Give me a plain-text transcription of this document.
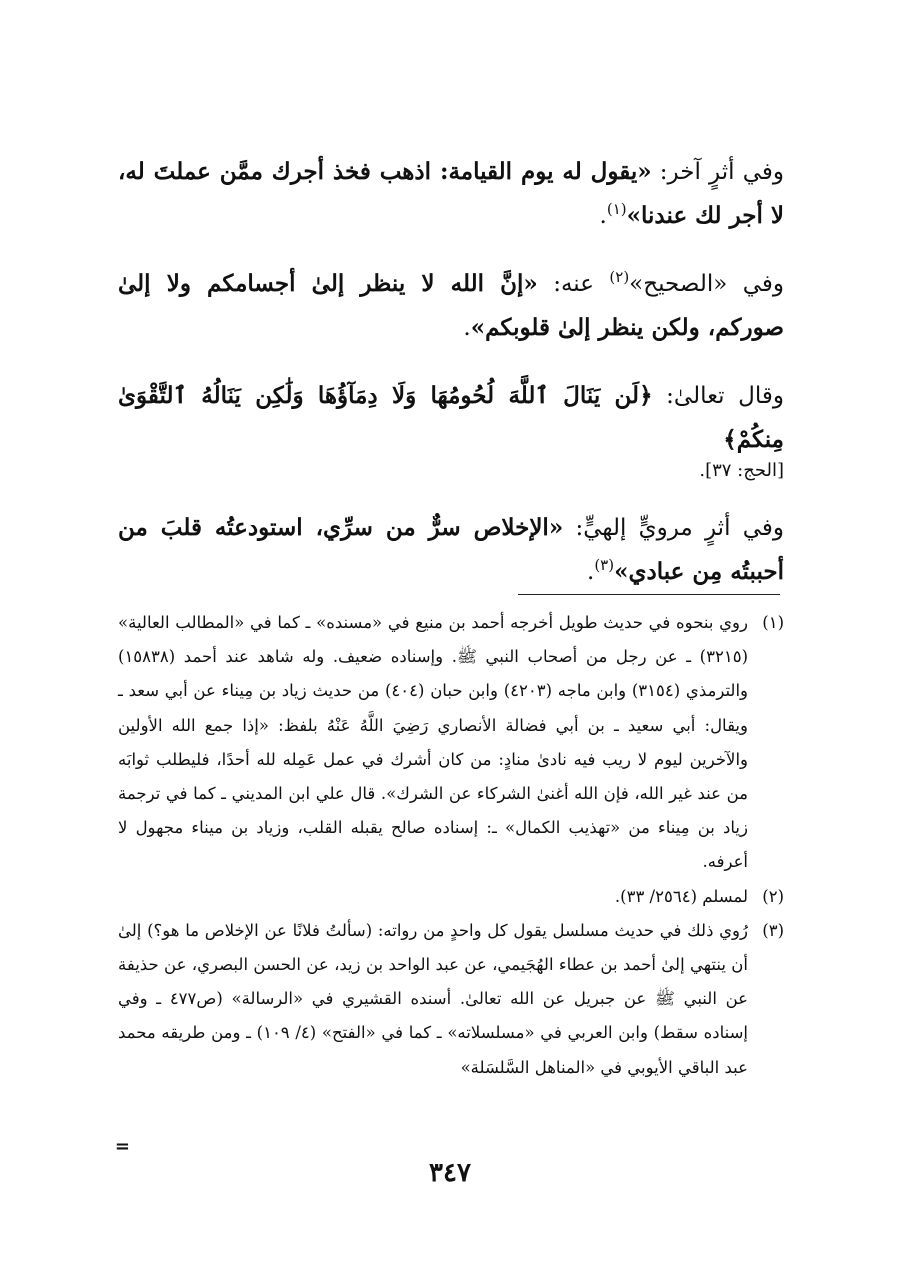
وفي أثرٍ آخر: «يقول له يوم القيامة: اذهب فخذ أجرك ممَّن عملتَ له، لا أجر لك عندنا»$^{(١)}$.

وفي «الصحيح»$^{(٢)}$ عنه: «إنَّ الله لا ينظر إلىٰ أجسامكم ولا إلىٰ صوركم، ولكن ينظر إلىٰ قلوبكم».

وقال تعالىٰ: ﴿لَن يَنَالَ ٱللَّهَ لُحُومُهَا وَلَا دِمَآؤُهَا وَلَٰكِن يَنَالُهُ ٱلتَّقْوَىٰ مِنكُمْ﴾

[الحج: ٣٧].

وفي أثرٍ مرويٍّ إلهيٍّ: «الإخلاص سرٌّ من سرِّي، استودعتُه قلبَ من أحببتُه مِن عبادي»$^{(٣)}$.

(١)
روي بنحوه في حديث طويل أخرجه أحمد بن منيع في «مسنده» ـ كما في «المطالب العالية» (٣٢١٥) ـ عن رجل من أصحاب النبي ﷺ. وإسناده ضعيف. وله شاهد عند أحمد (١٥٨٣٨) والترمذي (٣١٥٤) وابن ماجه (٤٢٠٣) وابن حبان (٤٠٤) من حديث زياد بن مِيناء عن أبي سعد ـ ويقال: أبي سعيد ـ بن أبي فضالة الأنصاري رَضِيَ اللَّهُ عَنْهُ بلفظ: «إذا جمع الله الأولين والآخرين ليوم لا ريب فيه نادىٰ منادٍ: من كان أشرك في عمل عَمِله لله أحدًا، فليطلب ثوابَه من عند غير الله، فإن الله أغنىٰ الشركاء عن الشرك». قال علي ابن المديني ـ كما في ترجمة زياد بن مِيناء من «تهذيب الكمال» ـ: إسناده صالح يقبله القلب، وزياد بن ميناء مجهول لا أعرفه.
(٢)
لمسلم (٢٥٦٤/ ٣٣).
(٣)
رُوي ذلك في حديث مسلسل يقول كل واحدٍ من رواته: (سألتُ فلانًا عن الإخلاص ما هو؟) إلىٰ أن ينتهي إلىٰ أحمد بن عطاء الهُجَيمي، عن عبد الواحد بن زيد، عن الحسن البصري، عن حذيفة عن النبي ﷺ عن جبريل عن الله تعالىٰ. أسنده القشيري في «الرسالة» (ص٤٧٧ ـ وفي إسناده سقط) وابن العربي في «مسلسلاته» ـ كما في «الفتح» (٤/ ١٠٩) ـ ومن طريقه محمد عبد الباقي الأيوبي في «المناهل السَّلسَلة»
=
٣٤٧
